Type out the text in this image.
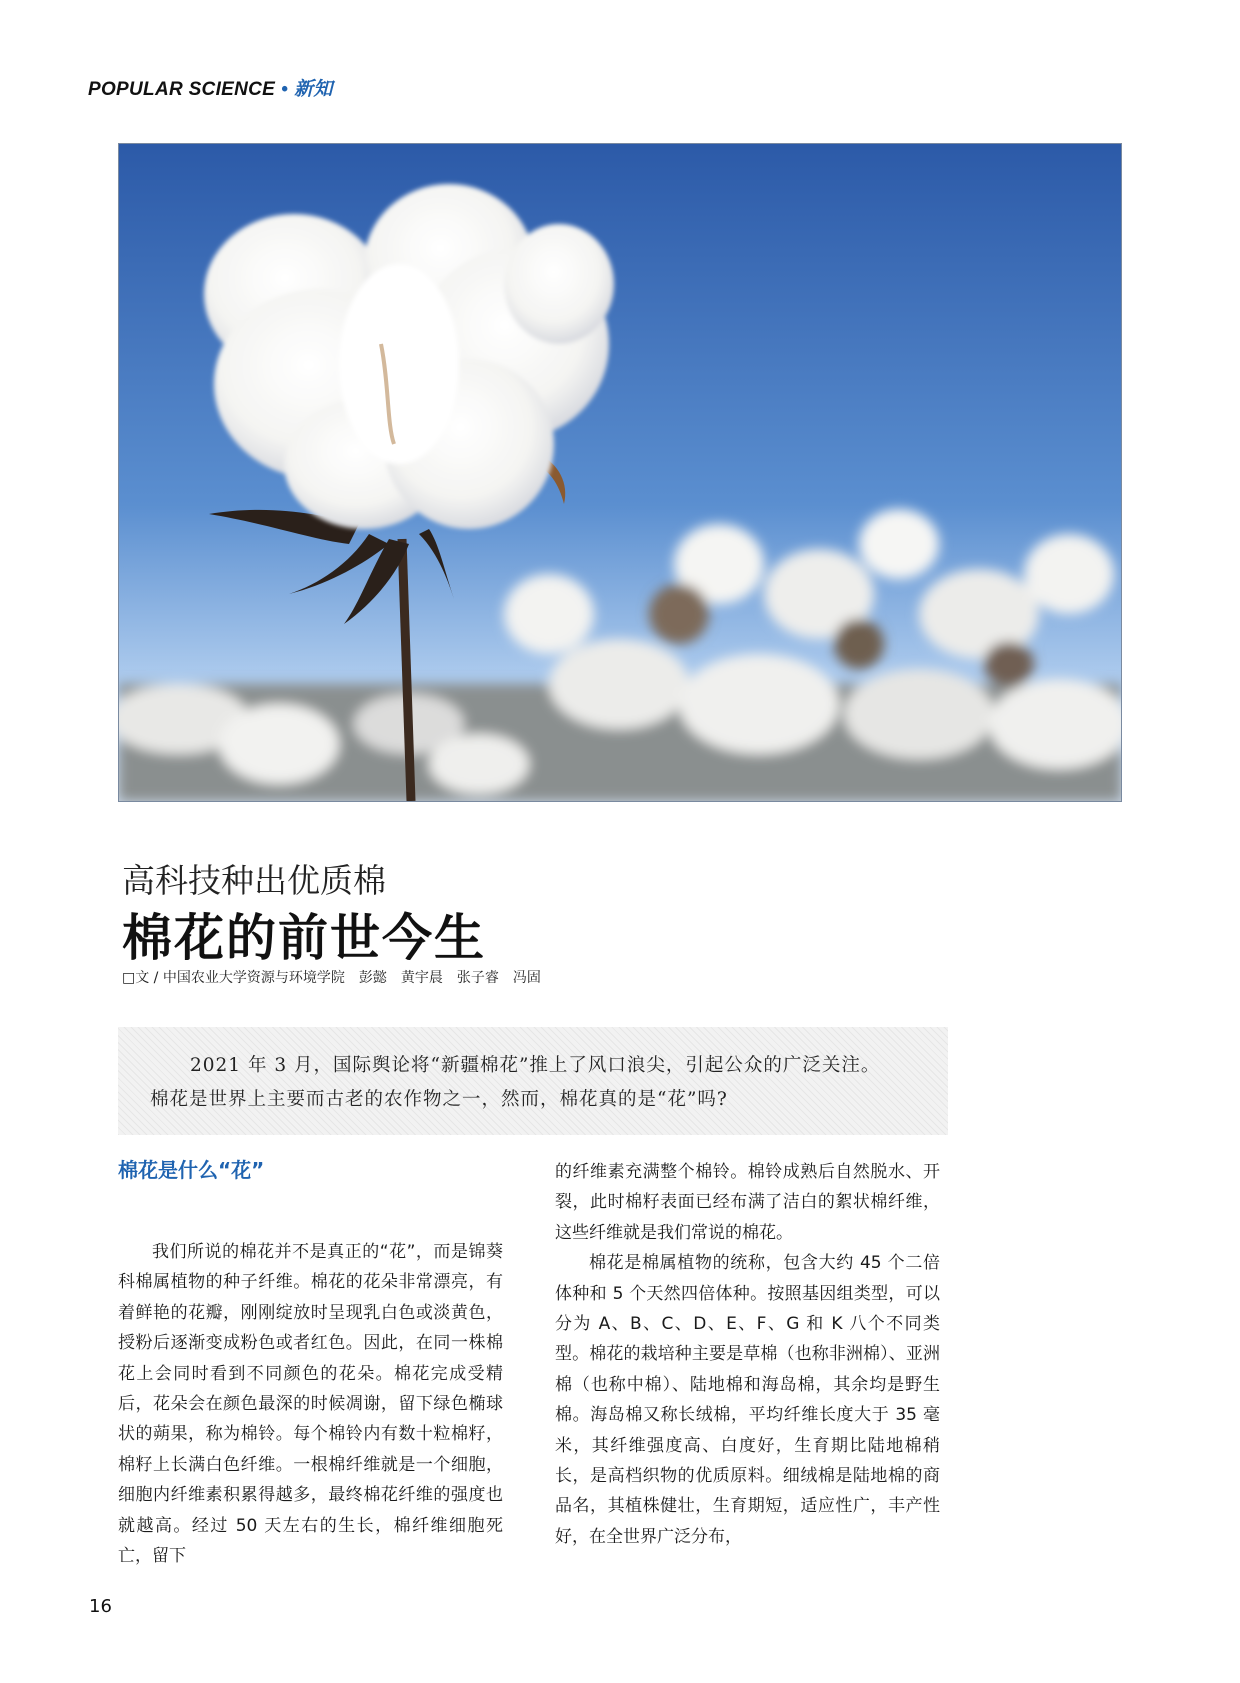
POPULAR SCIENCE • 新知
高科技种出优质棉
棉花的前世今生
□文 / 中国农业大学资源与环境学院　彭懿　黄宇晨　张子睿　冯固

2021 年 3 月，国际舆论将“新疆棉花”推上了风口浪尖，引起公众的广泛关注。

棉花是世界上主要而古老的农作物之一，然而，棉花真的是“花”吗?

棉花是什么“花”

我们所说的棉花并不是真正的“花”，而是锦葵科棉属植物的种子纤维。棉花的花朵非常漂亮，有着鲜艳的花瓣，刚刚绽放时呈现乳白色或淡黄色，授粉后逐渐变成粉色或者红色。因此，在同一株棉花上会同时看到不同颜色的花朵。棉花完成受精后，花朵会在颜色最深的时候凋谢，留下绿色椭球状的蒴果，称为棉铃。每个棉铃内有数十粒棉籽，棉籽上长满白色纤维。一根棉纤维就是一个细胞，细胞内纤维素积累得越多，最终棉花纤维的强度也就越高。经过 50 天左右的生长，棉纤维细胞死亡，留下

的纤维素充满整个棉铃。棉铃成熟后自然脱水、开裂，此时棉籽表面已经布满了洁白的絮状棉纤维，这些纤维就是我们常说的棉花。

棉花是棉属植物的统称，包含大约 45 个二倍体种和 5 个天然四倍体种。按照基因组类型，可以分为 A、B、C、D、E、F、G 和 K 八个不同类型。棉花的栽培种主要是草棉（也称非洲棉）、亚洲棉（也称中棉）、陆地棉和海岛棉，其余均是野生棉。海岛棉又称长绒棉，平均纤维长度大于 35 毫米，其纤维强度高、白度好，生育期比陆地棉稍长，是高档织物的优质原料。细绒棉是陆地棉的商品名，其植株健壮，生育期短，适应性广，丰产性好，在全世界广泛分布，

16
